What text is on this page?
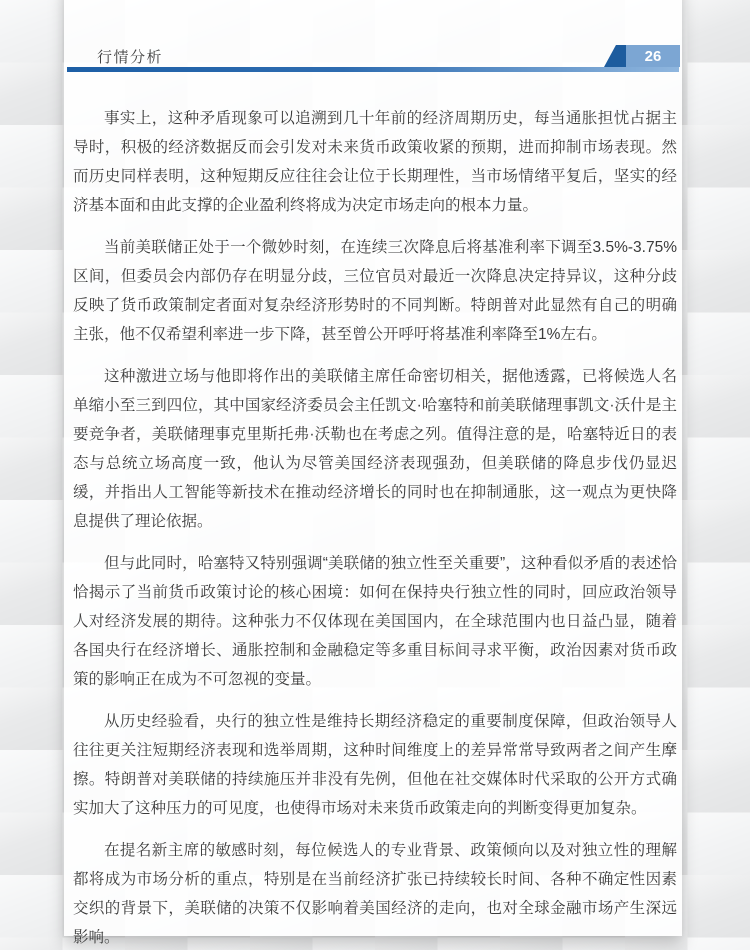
行情分析	26

事实上，这种矛盾现象可以追溯到几十年前的经济周期历史，每当通胀担忧占据主导时，积极的经济数据反而会引发对未来货币政策收紧的预期，进而抑制市场表现。然而历史同样表明，这种短期反应往往会让位于长期理性，当市场情绪平复后，坚实的经济基本面和由此支撑的企业盈利终将成为决定市场走向的根本力量。

当前美联储正处于一个微妙时刻，在连续三次降息后将基准利率下调至3.5%-3.75%区间，但委员会内部仍存在明显分歧，三位官员对最近一次降息决定持异议，这种分歧反映了货币政策制定者面对复杂经济形势时的不同判断。特朗普对此显然有自己的明确主张，他不仅希望利率进一步下降，甚至曾公开呼吁将基准利率降至1%左右。

这种激进立场与他即将作出的美联储主席任命密切相关，据他透露，已将候选人名单缩小至三到四位，其中国家经济委员会主任凯文·哈塞特和前美联储理事凯文·沃什是主要竞争者，美联储理事克里斯托弗·沃勒也在考虑之列。值得注意的是，哈塞特近日的表态与总统立场高度一致，他认为尽管美国经济表现强劲，但美联储的降息步伐仍显迟缓，并指出人工智能等新技术在推动经济增长的同时也在抑制通胀，这一观点为更快降息提供了理论依据。

但与此同时，哈塞特又特别强调“美联储的独立性至关重要”，这种看似矛盾的表述恰恰揭示了当前货币政策讨论的核心困境：如何在保持央行独立性的同时，回应政治领导人对经济发展的期待。这种张力不仅体现在美国国内，在全球范围内也日益凸显，随着各国央行在经济增长、通胀控制和金融稳定等多重目标间寻求平衡，政治因素对货币政策的影响正在成为不可忽视的变量。

从历史经验看，央行的独立性是维持长期经济稳定的重要制度保障，但政治领导人往往更关注短期经济表现和选举周期，这种时间维度上的差异常常导致两者之间产生摩擦。特朗普对美联储的持续施压并非没有先例，但他在社交媒体时代采取的公开方式确实加大了这种压力的可见度，也使得市场对未来货币政策走向的判断变得更加复杂。

在提名新主席的敏感时刻，每位候选人的专业背景、政策倾向以及对独立性的理解都将成为市场分析的重点，特别是在当前经济扩张已持续较长时间、各种不确定性因素交织的背景下，美联储的决策不仅影响着美国经济的走向，也对全球金融市场产生深远影响。
